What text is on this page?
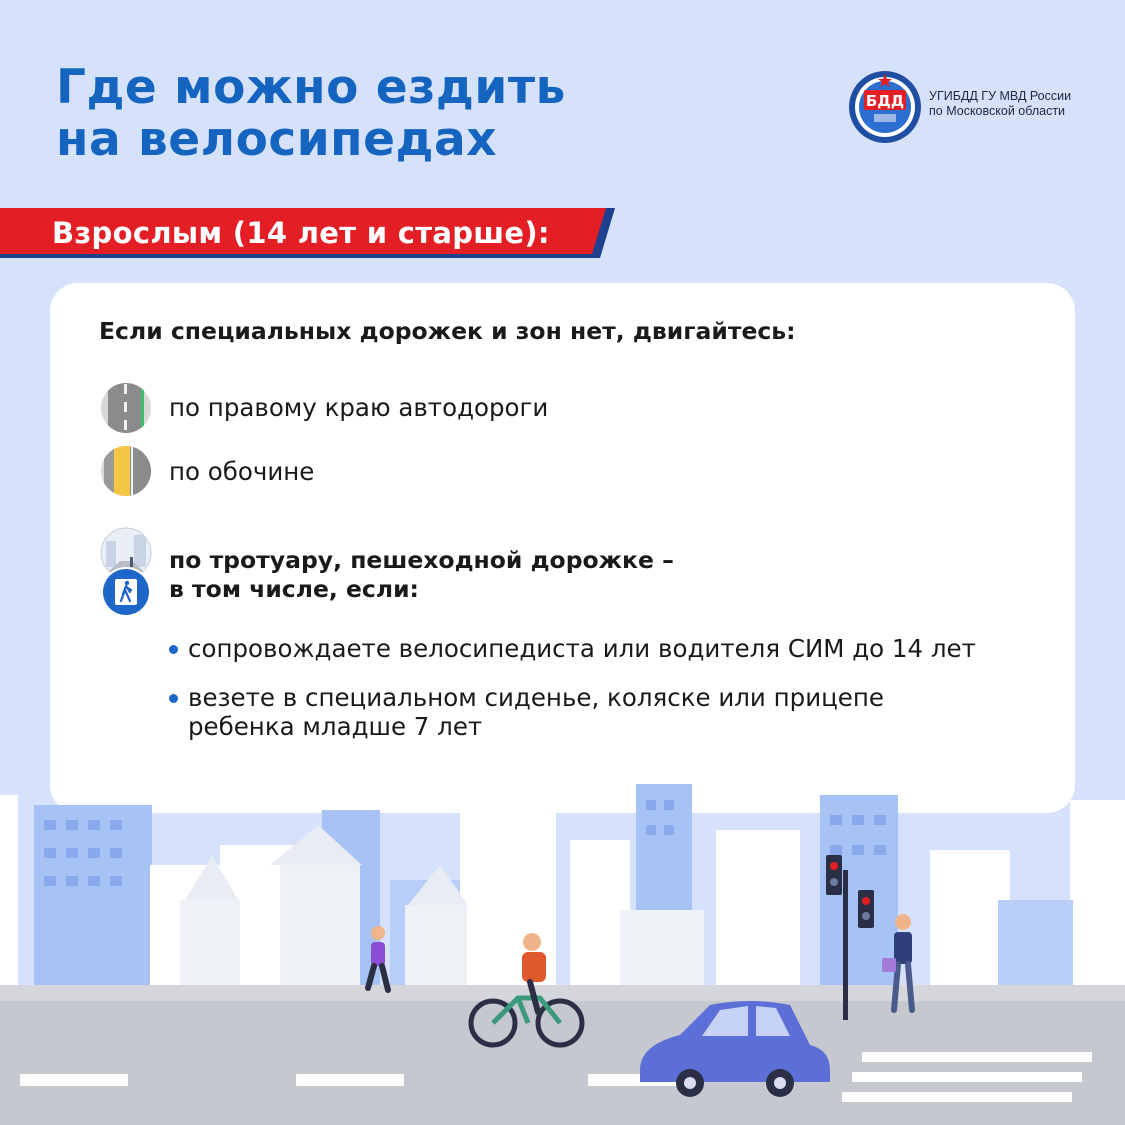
Где можно ездить
на велосипедах
БДД УГИБДД ГУ МВД России
по Московской области
Взрослым (14 лет и старше):
Если специальных дорожек и зон нет, двигайтесь:
по правому краю автодороги
по обочине
по тротуару, пешеходной дорожке –
в том числе, если:
сопровождаете велосипедиста или водителя СИМ до 14 лет
везете в специальном сиденье, коляске или прицепе
ребенка младше 7 лет
